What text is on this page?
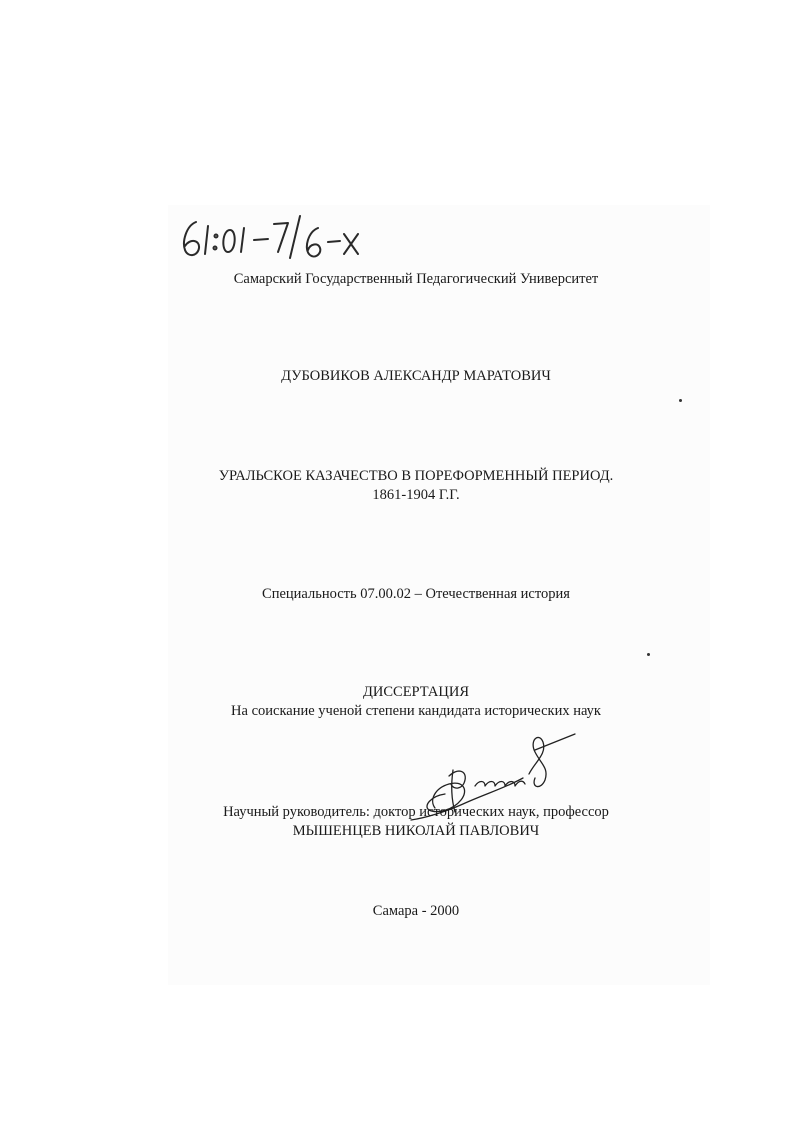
Самарский Государственный Педагогический Университет
ДУБОВИКОВ АЛЕКСАНДР МАРАТОВИЧ
УРАЛЬСКОЕ КАЗАЧЕСТВО В ПОРЕФОРМЕННЫЙ ПЕРИОД.
1861-1904 Г.Г.
Специальность 07.00.02 – Отечественная история
ДИССЕРТАЦИЯ
На соискание ученой степени кандидата исторических наук
Научный руководитель: доктор исторических наук, профессор
МЫШЕНЦЕВ НИКОЛАЙ ПАВЛОВИЧ
Самара - 2000
